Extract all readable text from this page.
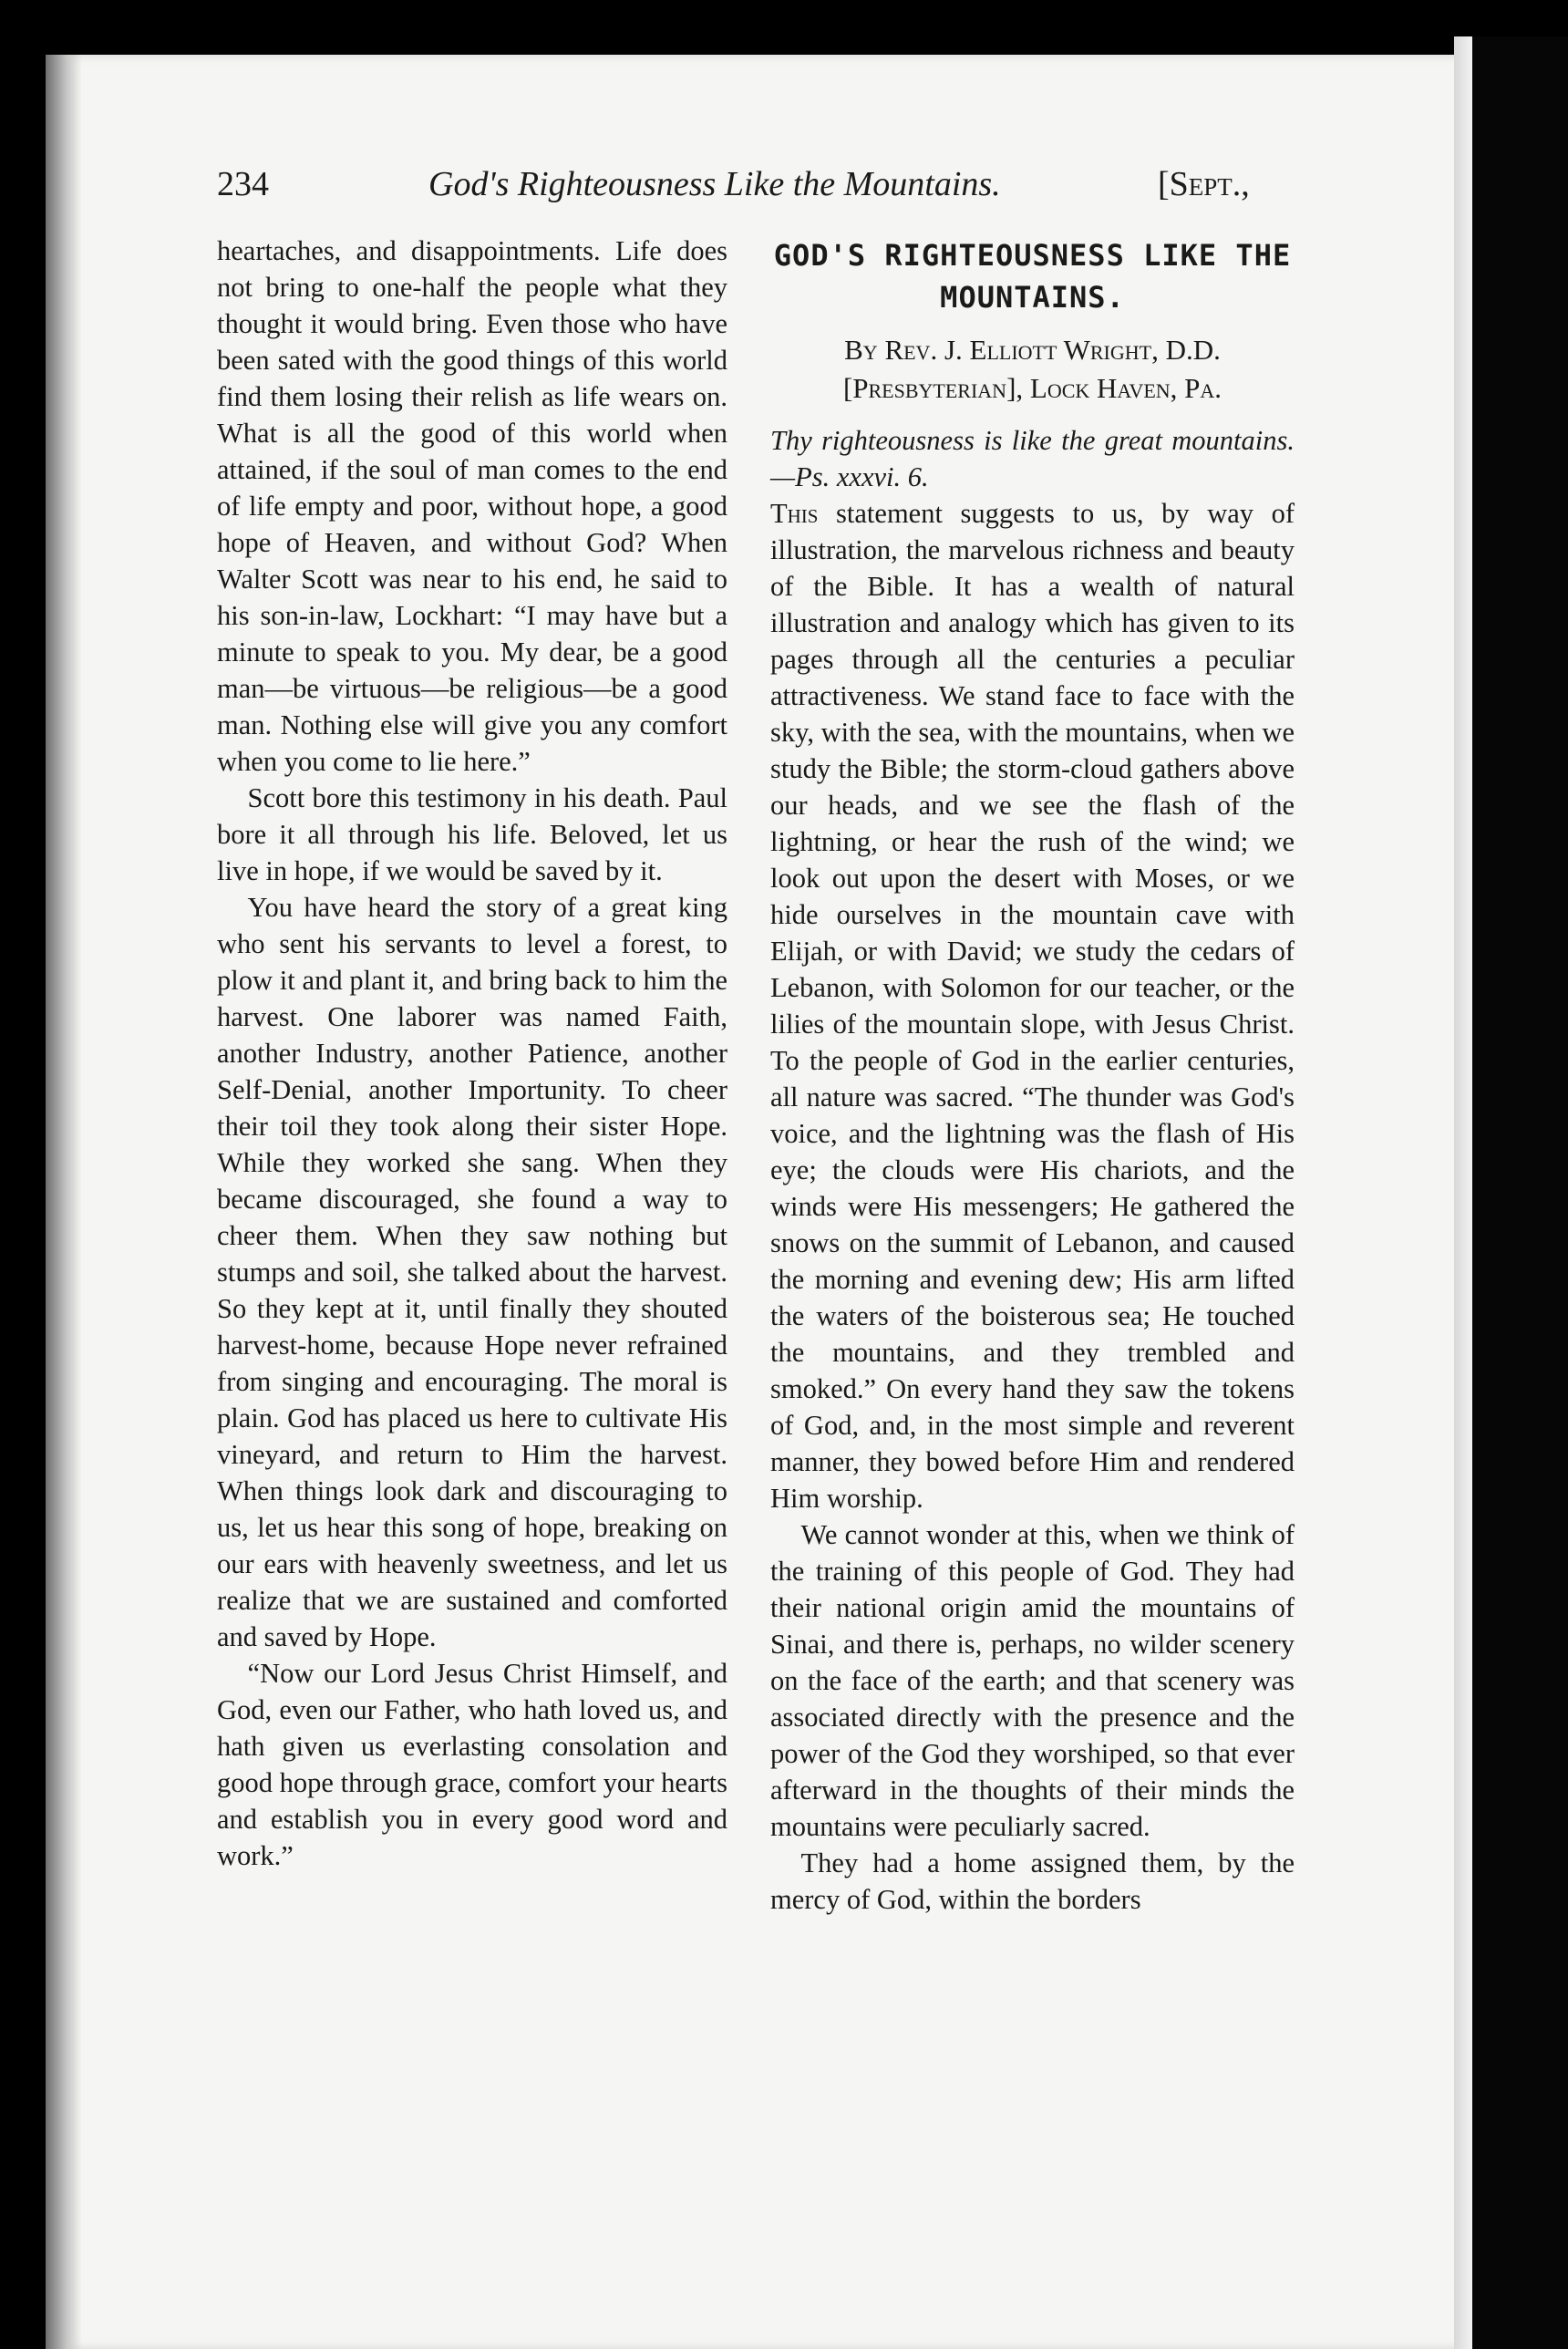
234	God's Righteousness Like the Mountains.	[Sept.,

heartaches, and disappointments. Life does not bring to one-half the people what they thought it would bring. Even those who have been sated with the good things of this world find them losing their relish as life wears on. What is all the good of this world when attained, if the soul of man comes to the end of life empty and poor, without hope, a good hope of Heaven, and without God? When Walter Scott was near to his end, he said to his son-in-law, Lockhart: “I may have but a minute to speak to you. My dear, be a good man—be virtuous—be religious—be a good man. Nothing else will give you any comfort when you come to lie here.”

Scott bore this testimony in his death. Paul bore it all through his life. Beloved, let us live in hope, if we would be saved by it.

You have heard the story of a great king who sent his servants to level a forest, to plow it and plant it, and bring back to him the harvest. One laborer was named Faith, another Industry, another Patience, another Self-Denial, another Importunity. To cheer their toil they took along their sister Hope. While they worked she sang. When they became discouraged, she found a way to cheer them. When they saw nothing but stumps and soil, she talked about the harvest. So they kept at it, until finally they shouted harvest-home, because Hope never refrained from singing and encouraging. The moral is plain. God has placed us here to cultivate His vineyard, and return to Him the harvest. When things look dark and discouraging to us, let us hear this song of hope, breaking on our ears with heavenly sweetness, and let us realize that we are sustained and comforted and saved by Hope.

“Now our Lord Jesus Christ Himself, and God, even our Father, who hath loved us, and hath given us everlasting consolation and good hope through grace, comfort your hearts and establish you in every good word and work.”

GOD'S RIGHTEOUSNESS LIKE THE MOUNTAINS.
By Rev. J. Elliott Wright, D.D. [Presbyterian], Lock Haven, Pa.

Thy righteousness is like the great mountains.—Ps. xxxvi. 6.

This statement suggests to us, by way of illustration, the marvelous richness and beauty of the Bible. It has a wealth of natural illustration and analogy which has given to its pages through all the centuries a peculiar attractiveness. We stand face to face with the sky, with the sea, with the mountains, when we study the Bible; the storm-cloud gathers above our heads, and we see the flash of the lightning, or hear the rush of the wind; we look out upon the desert with Moses, or we hide ourselves in the mountain cave with Elijah, or with David; we study the cedars of Lebanon, with Solomon for our teacher, or the lilies of the mountain slope, with Jesus Christ. To the people of God in the earlier centuries, all nature was sacred. “The thunder was God's voice, and the lightning was the flash of His eye; the clouds were His chariots, and the winds were His messengers; He gathered the snows on the summit of Lebanon, and caused the morning and evening dew; His arm lifted the waters of the boisterous sea; He touched the mountains, and they trembled and smoked.” On every hand they saw the tokens of God, and, in the most simple and reverent manner, they bowed before Him and rendered Him worship.

We cannot wonder at this, when we think of the training of this people of God. They had their national origin amid the mountains of Sinai, and there is, perhaps, no wilder scenery on the face of the earth; and that scenery was associated directly with the presence and the power of the God they worshiped, so that ever afterward in the thoughts of their minds the mountains were peculiarly sacred.

They had a home assigned them, by the mercy of God, within the borders
